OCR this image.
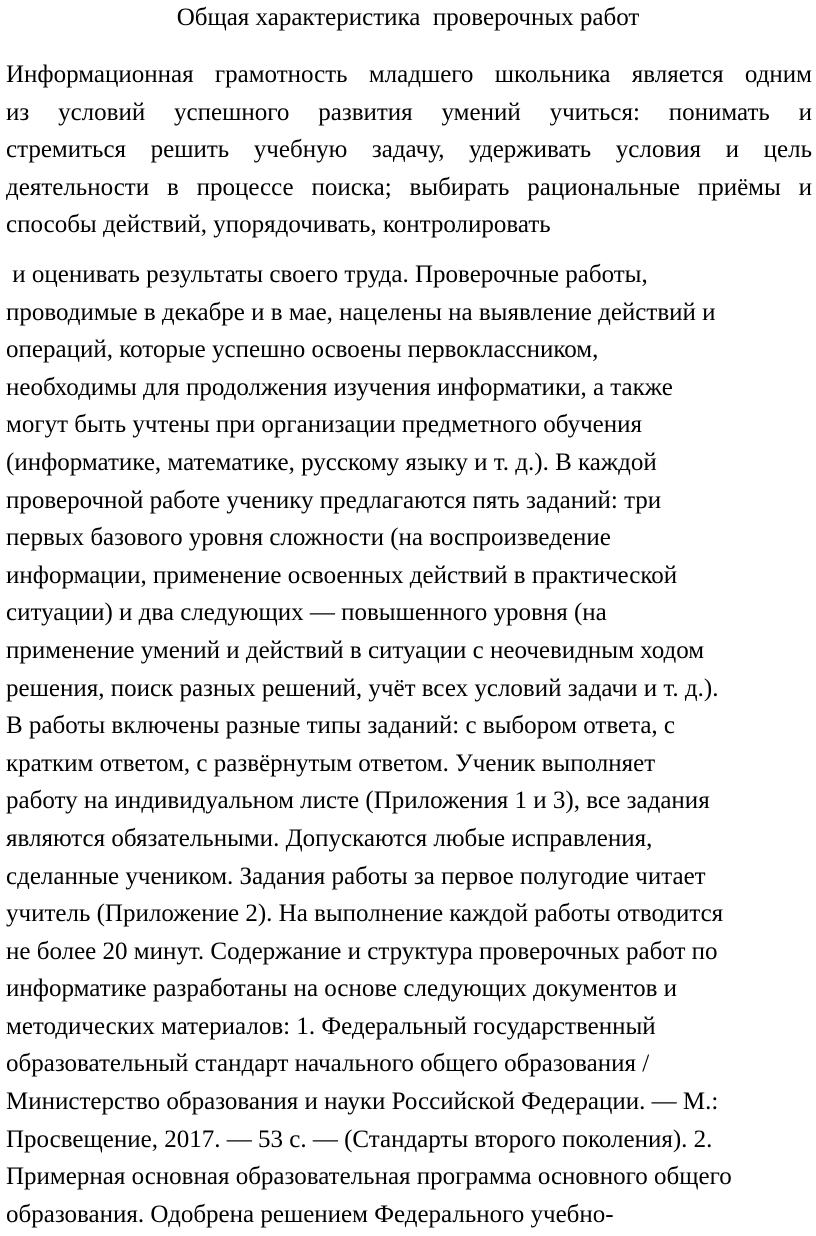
Общая характеристика  проверочных работ
Информационная грамотность младшего школьника является одним
из условий успешного развития умений учиться: понимать и
стремиться решить учебную задачу, удерживать условия и цель
деятельности в процессе поиска; выбирать рациональные приёмы и
способы действий, упорядочивать, контролировать
и оценивать результаты своего труда. Проверочные работы,
проводимые в декабре и в мае, нацелены на выявление действий и
операций, которые успешно освоены первоклассником,
необходимы для продолжения изучения информатики, а также
могут быть учтены при организации предметного обучения
(информатике, математике, русскому языку и т. д.). В каждой
проверочной работе ученику предлагаются пять заданий: три
первых базового уровня сложности (на воспроизведение
информации, применение освоенных действий в практической
ситуации) и два следующих — повышенного уровня (на
применение умений и действий в ситуации с неочевидным ходом
решения, поиск разных решений, учёт всех условий задачи и т. д.).
В работы включены разные типы заданий: с выбором ответа, с
кратким ответом, с развёрнутым ответом. Ученик выполняет
работу на индивидуальном листе (Приложения 1 и 3), все задания
являются обязательными. Допускаются любые исправления,
сделанные учеником. Задания работы за первое полугодие читает
учитель (Приложение 2). На выполнение каждой работы отводится
не более 20 минут. Содержание и структура проверочных работ по
информатике разработаны на основе следующих документов и
методических материалов: 1. Федеральный государственный
образовательный стандарт начального общего образования /
Министерство образования и науки Российской Федерации. — М.:
Просвещение, 2017. — 53 с. — (Стандарты второго поколения). 2.
Примерная основная образовательная программа основного общего
образования. Одобрена решением Федерального учебно-
